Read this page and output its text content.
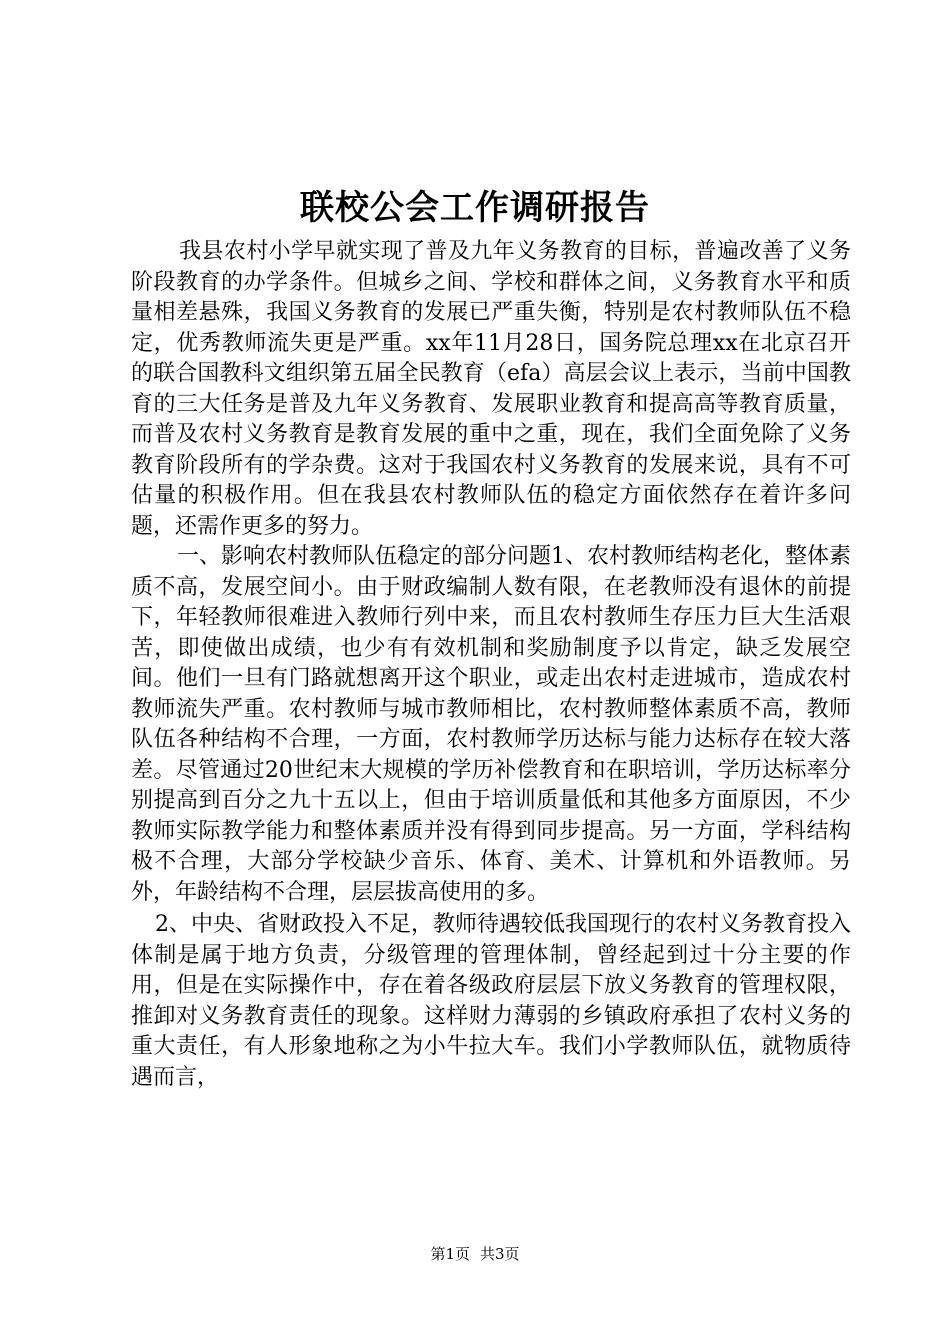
联校公会工作调研报告

我县农村小学早就实现了普及九年义务教育的目标，普遍改善了义务阶段教育的办学条件。但城乡之间、学校和群体之间，义务教育水平和质量相差悬殊，我国义务教育的发展已严重失衡，特别是农村教师队伍不稳定，优秀教师流失更是严重。xx年11月28日，国务院总理xx在北京召开的联合国教科文组织第五届全民教育（efa）高层会议上表示，当前中国教育的三大任务是普及九年义务教育、发展职业教育和提高高等教育质量，而普及农村义务教育是教育发展的重中之重，现在，我们全面免除了义务教育阶段所有的学杂费。这对于我国农村义务教育的发展来说，具有不可估量的积极作用。但在我县农村教师队伍的稳定方面依然存在着许多问题，还需作更多的努力。

一、影响农村教师队伍稳定的部分问题1、农村教师结构老化，整体素质不高，发展空间小。由于财政编制人数有限，在老教师没有退休的前提下，年轻教师很难进入教师行列中来，而且农村教师生存压力巨大生活艰苦，即使做出成绩，也少有有效机制和奖励制度予以肯定，缺乏发展空间。他们一旦有门路就想离开这个职业，或走出农村走进城市，造成农村教师流失严重。农村教师与城市教师相比，农村教师整体素质不高，教师队伍各种结构不合理，一方面，农村教师学历达标与能力达标存在较大落差。尽管通过20世纪末大规模的学历补偿教育和在职培训，学历达标率分别提高到百分之九十五以上，但由于培训质量低和其他多方面原因，不少教师实际教学能力和整体素质并没有得到同步提高。另一方面，学科结构极不合理，大部分学校缺少音乐、体育、美术、计算机和外语教师。另外，年龄结构不合理，层层拔高使用的多。

2、中央、省财政投入不足，教师待遇较低我国现行的农村义务教育投入体制是属于地方负责，分级管理的管理体制，曾经起到过十分主要的作用，但是在实际操作中，存在着各级政府层层下放义务教育的管理权限，推卸对义务教育责任的现象。这样财力薄弱的乡镇政府承担了农村义务的重大责任，有人形象地称之为小牛拉大车。我们小学教师队伍，就物质待遇而言，

第1页 共3页
